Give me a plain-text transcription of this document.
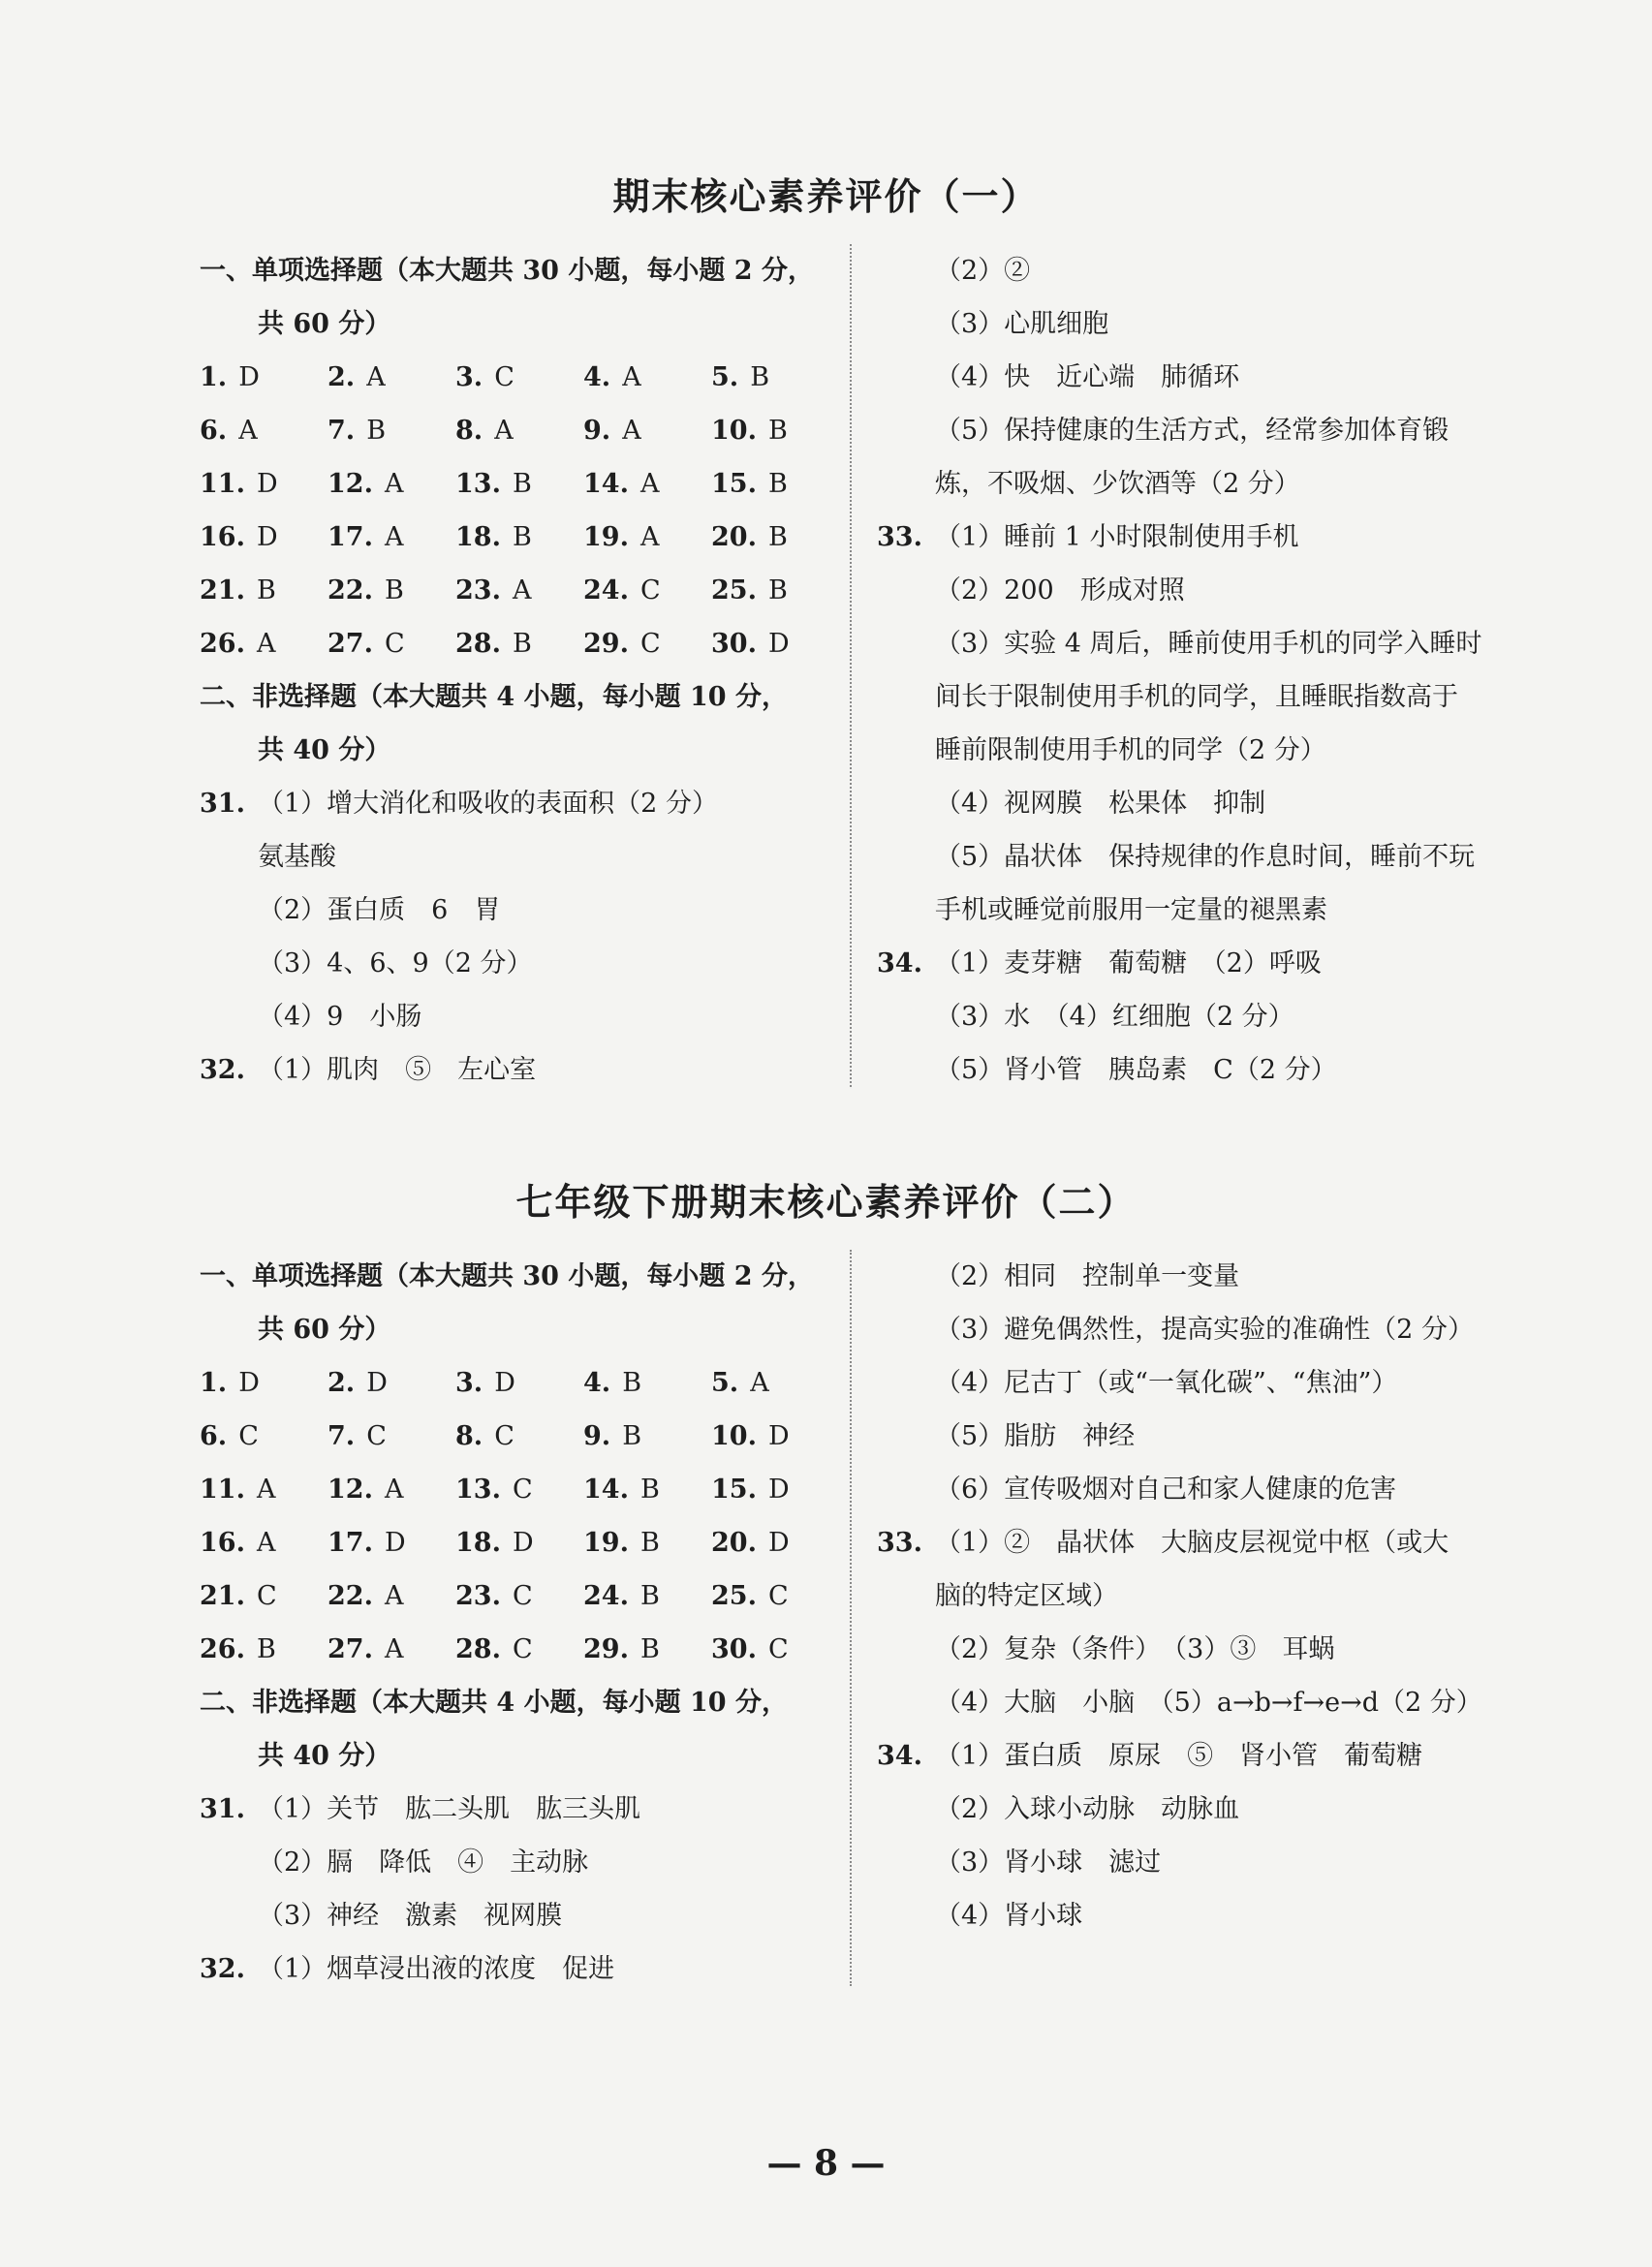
期末核心素养评价（一）
一、单项选择题（本大题共 30 小题，每小题 2 分，
共 60 分）
1. D	2. A	3. C	4. A	5. B
6. A	7. B	8. A	9. A	10. B
11. D	12. A	13. B	14. A	15. B
16. D	17. A	18. B	19. A	20. B
21. B	22. B	23. A	24. C	25. B
26. A	27. C	28. B	29. C	30. D
二、非选择题（本大题共 4 小题，每小题 10 分，
共 40 分）
31. （1）增大消化和吸收的表面积（2 分）
氨基酸
（2）蛋白质　6　胃
（3）4、6、9（2 分）
（4）9　小肠
32. （1）肌肉　⑤　左心室
（2）②
（3）心肌细胞
（4）快　近心端　肺循环
（5）保持健康的生活方式，经常参加体育锻
炼，不吸烟、少饮酒等（2 分）
33. （1）睡前 1 小时限制使用手机
（2）200　形成对照
（3）实验 4 周后，睡前使用手机的同学入睡时
间长于限制使用手机的同学，且睡眠指数高于
睡前限制使用手机的同学（2 分）
（4）视网膜　松果体　抑制
（5）晶状体　保持规律的作息时间，睡前不玩
手机或睡觉前服用一定量的褪黑素
34. （1）麦芽糖　葡萄糖　（2）呼吸
（3）水　（4）红细胞（2 分）
（5）肾小管　胰岛素　C（2 分）
七年级下册期末核心素养评价（二）
一、单项选择题（本大题共 30 小题，每小题 2 分，
共 60 分）
1. D	2. D	3. D	4. B	5. A
6. C	7. C	8. C	9. B	10. D
11. A	12. A	13. C	14. B	15. D
16. A	17. D	18. D	19. B	20. D
21. C	22. A	23. C	24. B	25. C
26. B	27. A	28. C	29. B	30. C
二、非选择题（本大题共 4 小题，每小题 10 分，
共 40 分）
31. （1）关节　肱二头肌　肱三头肌
（2）膈　降低　④　主动脉
（3）神经　激素　视网膜
32. （1）烟草浸出液的浓度　促进
（2）相同　控制单一变量
（3）避免偶然性，提高实验的准确性（2 分）
（4）尼古丁（或“一氧化碳”、“焦油”）
（5）脂肪　神经
（6）宣传吸烟对自己和家人健康的危害
33. （1）②　晶状体　大脑皮层视觉中枢（或大
脑的特定区域）
（2）复杂（条件）　（3）③　耳蜗
（4）大脑　小脑　（5）a→b→f→e→d（2 分）
34. （1）蛋白质　原尿　⑤　肾小管　葡萄糖
（2）入球小动脉　动脉血
（3）肾小球　滤过
（4）肾小球
— 8 —
